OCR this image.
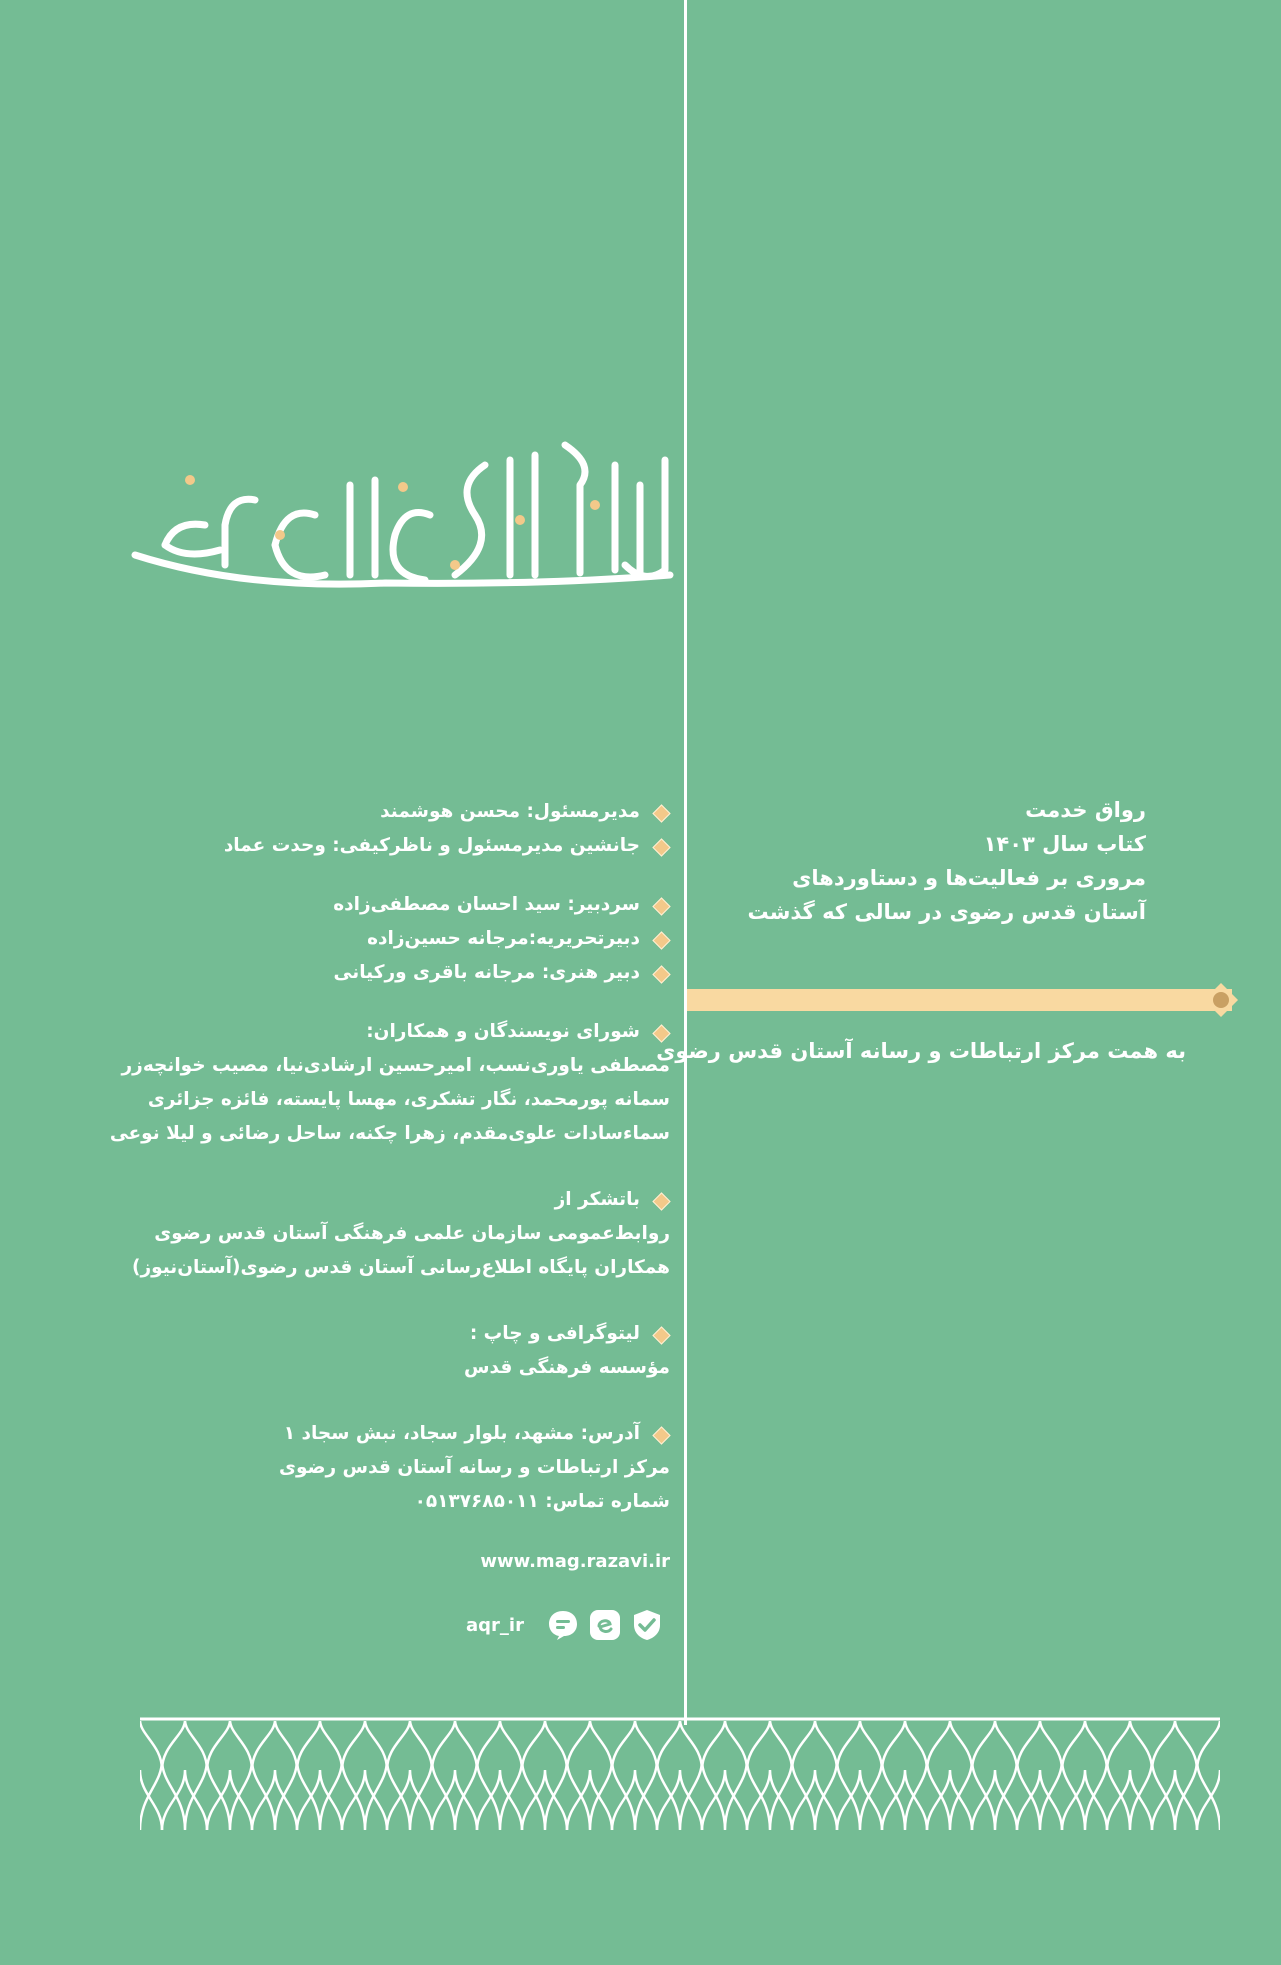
رواق خدمت

کتاب سال ۱۴۰۳

مروری بر فعالیت‌ها و دستاوردهای

آستان قدس رضوی در سالی که گذشت

به همت مرکز ارتباطات و رسانه آستان قدس رضوی

مدیرمسئول: محسن هوشمند

جانشین مدیرمسئول و ناظرکیفی: وحدت عماد

سردبیر: سید احسان مصطفی‌زاده

دبیرتحریریه:مرجانه حسین‌زاده

دبیر هنری: مرجانه باقری ورکیانی

شورای نویسندگان و همکاران:

مصطفی یاوری‌نسب، امیرحسین ارشادی‌نیا، مصیب خوانچه‌زر

سمانه پورمحمد، نگار تشکری، مهسا پایسته، فائزه جزائری

سماءسادات علوی‌مقدم، زهرا چکنه، ساحل رضائی و لیلا نوعی

باتشکر از

روابط‌عمومی سازمان علمی فرهنگی آستان قدس رضوی

همکاران پایگاه اطلاع‌رسانی آستان قدس رضوی(آستان‌نیوز)

لیتوگرافی و چاپ :

مؤسسه فرهنگی قدس

آدرس: مشهد، بلوار سجاد، نبش سجاد ۱

مرکز ارتباطات و رسانه آستان قدس رضوی

شماره تماس: ۰۵۱۳۷۶۸۵۰۱۱

www.mag.razavi.ir

aqr_ir
